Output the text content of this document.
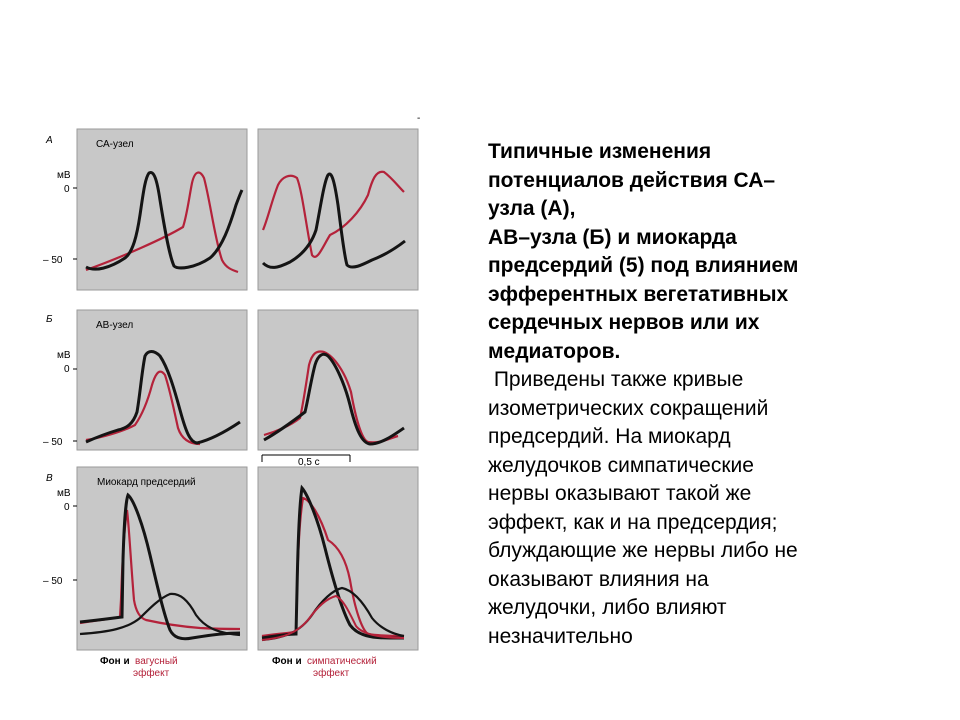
-
А	СА-узел
мВ
0
– 50
Б
АВ-узел
мВ
0
– 50
В	Миокард предсердий
мВ
0
– 50
0,5 с
Фон и вагусный
эффект
Фон и симпатический
эффект
Типичные изменения
потенциалов действия СА–
узла (А),
АВ–узла (Б) и миокарда
предсердий (5) под влиянием
эфферентных вегетативных
сердечных нервов или их
медиаторов.
Приведены также кривые
изометрических сокращений
предсердий. На миокард
желудочков симпатические
нервы оказывают такой же
эффект, как и на предсердия;
блуждающие же нервы либо не
оказывают влияния на
желудочки, либо влияют
незначительно
